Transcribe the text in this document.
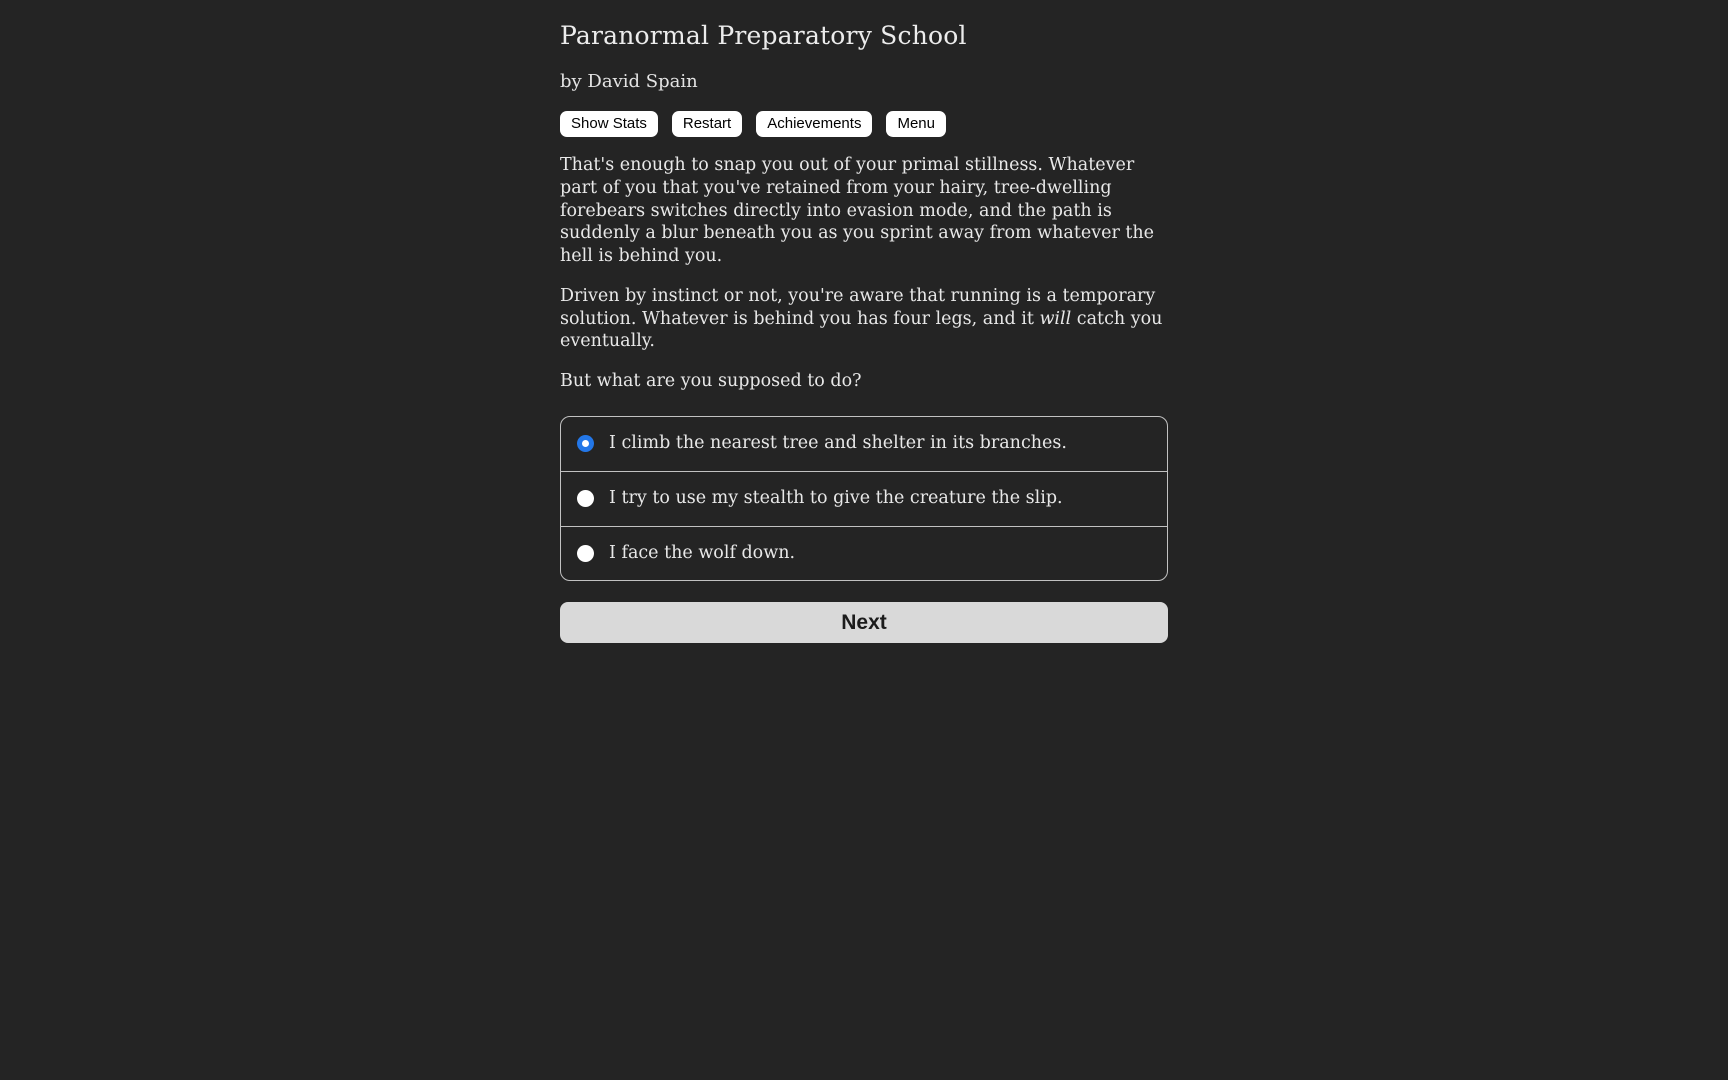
Paranormal Preparatory School
by David Spain
Show Stats	Restart	Achievements	Menu

That's enough to snap you out of your primal stillness. Whatever part of you that you've retained from your hairy, tree-dwelling forebears switches directly into evasion mode, and the path is suddenly a blur beneath you as you sprint away from whatever the hell is behind you.

Driven by instinct or not, you're aware that running is a temporary solution. Whatever is behind you has four legs, and it will catch you eventually.

But what are you supposed to do?

I climb the nearest tree and shelter in its branches.
I try to use my stealth to give the creature the slip.
I face the wolf down.
Next
